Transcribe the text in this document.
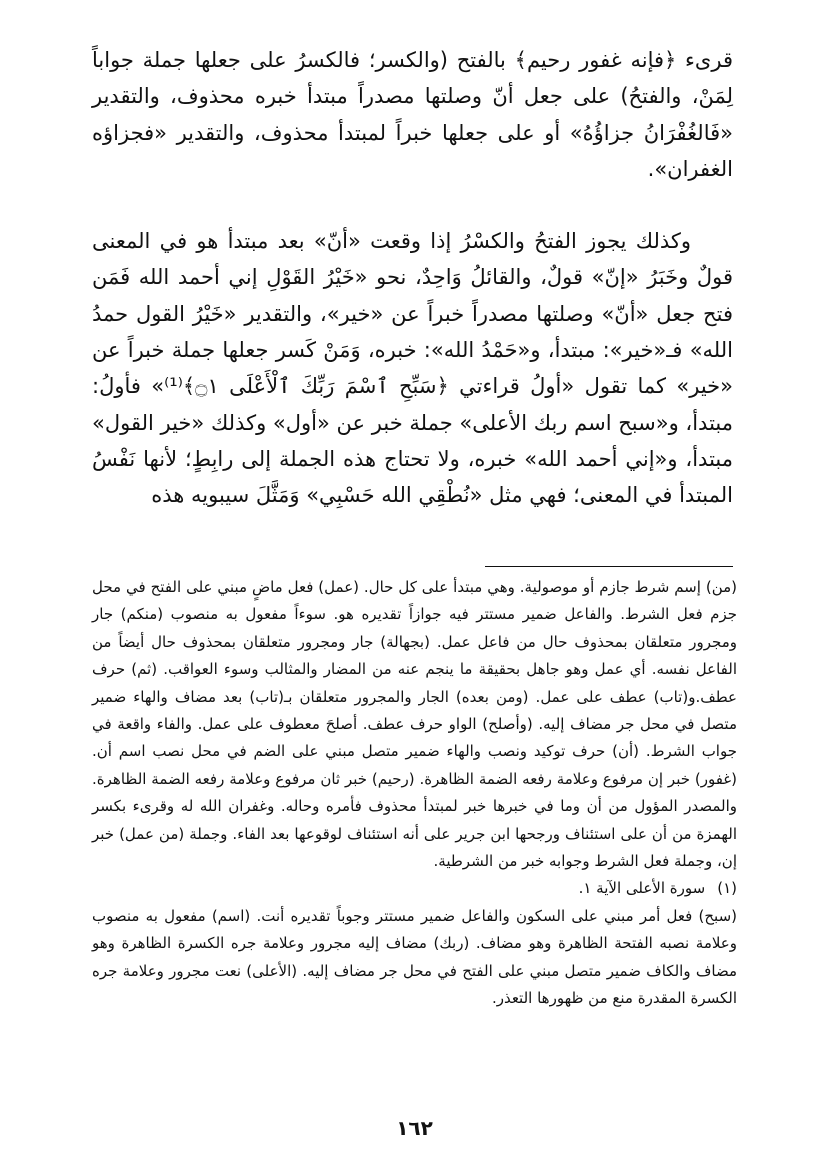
قرىء ﴿فإنه غفور رحيم﴾ بالفتح (والكسر؛ فالكسرُ على جعلها جملة جواباً لِمَنْ، والفتحُ) على جعل أنّ وصلتها مصدراً مبتدأ خبره محذوف، والتقدير «فَالغُفْرَانُ جزاؤُهُ» أو على جعلها خبراً لمبتدأ محذوف، والتقدير «فجزاؤه الغفران».

وكذلك يجوز الفتحُ والكسْرُ إذا وقعت «أنّ» بعد مبتدأ هو في المعنى قولٌ وخَبَرُ «إنّ» قولٌ، والقائلُ وَاحِدٌ، نحو «خَيْرُ القَوْلِ إني أحمد الله فَمَن فتح جعل «أنّ» وصلتها مصدراً خبراً عن «خير»، والتقدير «خَيْرُ القول حمدُ الله» فـ«خير»: مبتدأ، و«حَمْدُ الله»: خبره، وَمَنْ كَسر جعلها جملة خبراً عن «خير» كما تقول «أولُ قراءتي ﴿سَبِّحِ ٱسْمَ رَبِّكَ ٱلْأَعْلَى ۝١﴾⁽¹⁾» فأولُ: مبتدأ، و«سبح اسم ربك الأعلى» جملة خبر عن «أول» وكذلك «خير القول» مبتدأ، و«إني أحمد الله» خبره، ولا تحتاج هذه الجملة إلى رابِطٍ؛ لأنها نَفْسُ المبتدأ في المعنى؛ فهي مثل «نُطْقِي الله حَسْبِي» وَمَثَّلَ سيبويه هذه

(من) إسم شرط جازم أو موصولية. وهي مبتدأ على كل حال. (عمل) فعل ماضٍ مبني على الفتح في محل جزم فعل الشرط. والفاعل ضمير مستتر فيه جوازاً تقديره هو. سوءاً مفعول به منصوب (منكم) جار ومجرور متعلقان بمحذوف حال من فاعل عمل. (بجهالة) جار ومجرور متعلقان بمحذوف حال أيضاً من الفاعل نفسه. أي عمل وهو جاهل بحقيقة ما ينجم عنه من المضار والمثالب وسوء العواقب. (ثم) حرف عطف.و(تاب) عطف على عمل. (ومن بعده) الجار والمجرور متعلقان بـ(تاب) بعد مضاف والهاء ضمير متصل في محل جر مضاف إليه. (وأصلح) الواو حرف عطف. أصلحَ معطوف على عمل. والفاء واقعة في جواب الشرط. (أن) حرف توكيد ونصب والهاء ضمير متصل مبني على الضم في محل نصب اسم أن. (غفور) خبر إن مرفوع وعلامة رفعه الضمة الظاهرة. (رحيم) خبر ثان مرفوع وعلامة رفعه الضمة الظاهرة. والمصدر المؤول من أن وما في خبرها خبر لمبتدأ محذوف فأمره وحاله. وغفران الله له وقرىء بكسر الهمزة من أن على استئناف ورجحها ابن جرير على أنه استئناف لوقوعها بعد الفاء. وجملة (من عمل) خبر إن، وجملة فعل الشرط وجوابه خبر من الشرطية.

(١)
سورة الأعلى الآية ١.

(سبح) فعل أمر مبني على السكون والفاعل ضمير مستتر وجوباً تقديره أنت. (اسم) مفعول به منصوب وعلامة نصبه الفتحة الظاهرة وهو مضاف. (ربك) مضاف إليه مجرور وعلامة جره الكسرة الظاهرة وهو مضاف والكاف ضمير متصل مبني على الفتح في محل جر مضاف إليه. (الأعلى) نعت مجرور وعلامة جره الكسرة المقدرة منع من ظهورها التعذر.

١٦٢
